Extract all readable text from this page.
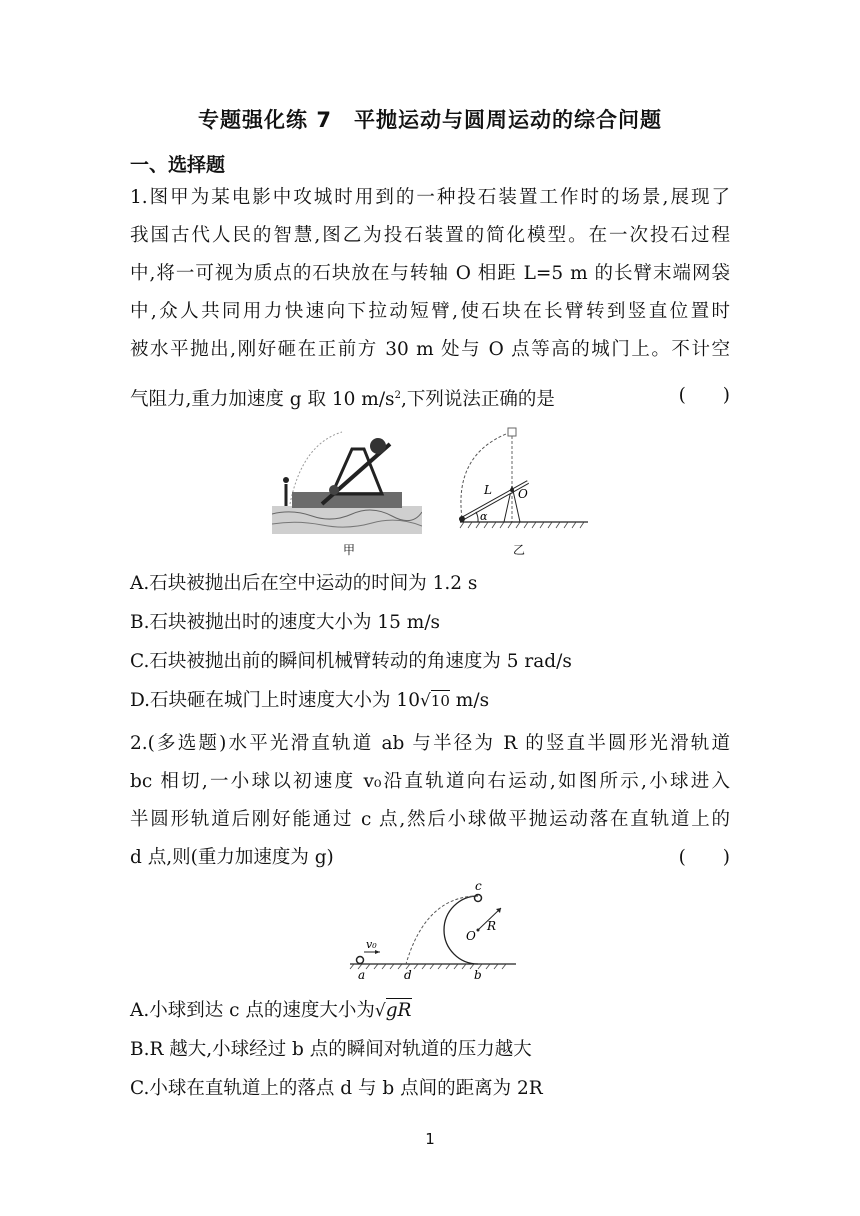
专题强化练 7　平抛运动与圆周运动的综合问题
一、选择题
1.图甲为某电影中攻城时用到的一种投石装置工作时的场景,展现了
我国古代人民的智慧,图乙为投石装置的简化模型。在一次投石过程
中,将一可视为质点的石块放在与转轴 O 相距 L=5 m 的长臂末端网袋
中,众人共同用力快速向下拉动短臂,使石块在长臂转到竖直位置时
被水平抛出,刚好砸在正前方 30 m 处与 O 点等高的城门上。不计空
气阻力,重力加速度 g 取 10 $m/s^2$,下列说法正确的是	(　　)
甲
L O
α
乙
A.石块被抛出后在空中运动的时间为 1.2 s
B.石块被抛出时的速度大小为 15 m/s
C.石块被抛出前的瞬间机械臂转动的角速度为 5 rad/s
D.石块砸在城门上时速度大小为 10√10 m/s
2.(多选题)水平光滑直轨道 ab 与半径为 R 的竖直半圆形光滑轨道
bc 相切,一小球以初速度 v₀沿直轨道向右运动,如图所示,小球进入
半圆形轨道后刚好能通过 c 点,然后小球做平抛运动落在直轨道上的
d 点,则(重力加速度为 g)	(　　)
a	d	b
c
O
R
v₀
A.小球到达 c 点的速度大小为√gR
B.R 越大,小球经过 b 点的瞬间对轨道的压力越大
C.小球在直轨道上的落点 d 与 b 点间的距离为 2R
1
